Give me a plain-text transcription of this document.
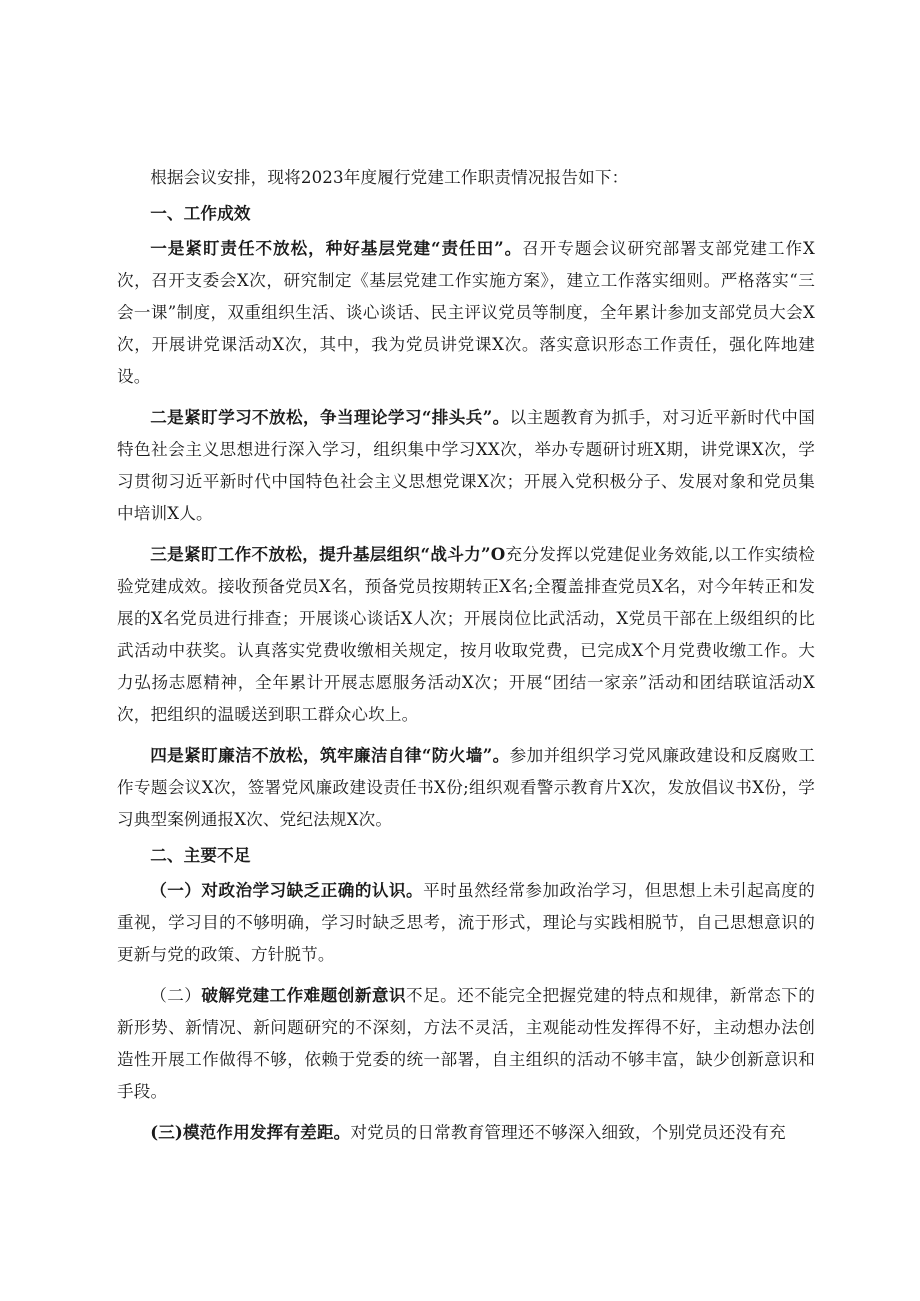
根据会议安排，现将2023年度履行党建工作职责情况报告如下：

一、工作成效

一是紧盯责任不放松，种好基层党建“责任田”。召开专题会议研究部署支部党建工作X次，召开支委会X次，研究制定《基层党建工作实施方案》，建立工作落实细则。严格落实“三会一课”制度，双重组织生活、谈心谈话、民主评议党员等制度，全年累计参加支部党员大会X次，开展讲党课活动X次，其中，我为党员讲党课X次。落实意识形态工作责任，强化阵地建设。

二是紧盯学习不放松，争当理论学习“排头兵”。以主题教育为抓手，对习近平新时代中国特色社会主义思想进行深入学习，组织集中学习XX次，举办专题研讨班X期，讲党课X次，学习贯彻习近平新时代中国特色社会主义思想党课X次；开展入党积极分子、发展对象和党员集中培训X人。

三是紧盯工作不放松，提升基层组织“战斗力”O充分发挥以党建促业务效能,以工作实绩检验党建成效。接收预备党员X名，预备党员按期转正X名;全覆盖排查党员X名，对今年转正和发展的X名党员进行排查；开展谈心谈话X人次；开展岗位比武活动，X党员干部在上级组织的比武活动中获奖。认真落实党费收缴相关规定，按月收取党费，已完成X个月党费收缴工作。大力弘扬志愿精神，全年累计开展志愿服务活动X次；开展“团结一家亲”活动和团结联谊活动X次，把组织的温暖送到职工群众心坎上。

四是紧盯廉洁不放松，筑牢廉洁自律“防火墙”。参加并组织学习党风廉政建设和反腐败工作专题会议X次，签署党风廉政建设责任书X份;组织观看警示教育片X次，发放倡议书X份，学习典型案例通报X次、党纪法规X次。

二、主要不足

（一）对政治学习缺乏正确的认识。平时虽然经常参加政治学习，但思想上未引起高度的重视，学习目的不够明确，学习时缺乏思考，流于形式，理论与实践相脱节，自己思想意识的更新与党的政策、方针脱节。

（二）破解党建工作难题创新意识不足。还不能完全把握党建的特点和规律，新常态下的新形势、新情况、新问题研究的不深刻，方法不灵活，主观能动性发挥得不好，主动想办法创造性开展工作做得不够，依赖于党委的统一部署，自主组织的活动不够丰富，缺少创新意识和手段。

(三)模范作用发挥有差距。对党员的日常教育管理还不够深入细致，个别党员还没有充
